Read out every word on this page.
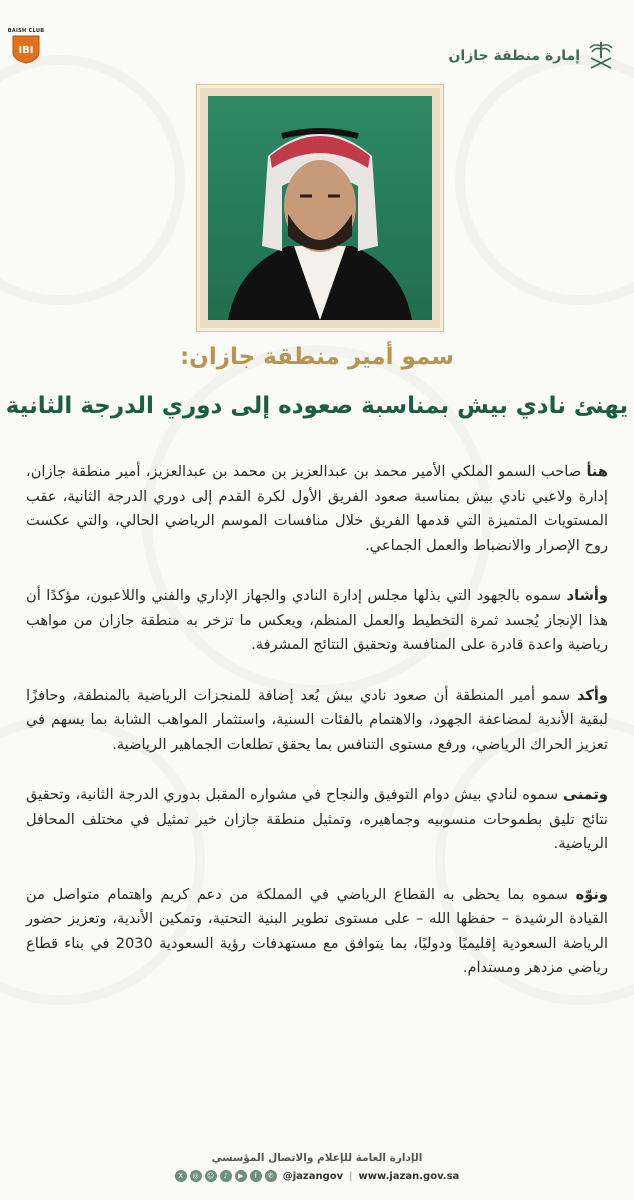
إمارة منطقة جازان
BAISH CLUB
IBI
سمو أمير منطقة جازان:
يهنئ نادي بيش بمناسبة صعوده إلى دوري الدرجة الثانية

هنأ صاحب السمو الملكي الأمير محمد بن عبدالعزيز بن محمد بن عبدالعزيز، أمير منطقة جازان، إدارة ولاعبي نادي بيش بمناسبة صعود الفريق الأول لكرة القدم إلى دوري الدرجة الثانية، عقب المستويات المتميزة التي قدمها الفريق خلال منافسات الموسم الرياضي الحالي، والتي عكست روح الإصرار والانضباط والعمل الجماعي.

وأشاد سموه بالجهود التي بذلها مجلس إدارة النادي والجهاز الإداري والفني واللاعبون، مؤكدًا أن هذا الإنجاز يُجسد ثمرة التخطيط والعمل المنظم، ويعكس ما تزخر به منطقة جازان من مواهب رياضية واعدة قادرة على المنافسة وتحقيق النتائج المشرفة.

وأكد سمو أمير المنطقة أن صعود نادي بيش يُعد إضافة للمنجزات الرياضية بالمنطقة، وحافزًا لبقية الأندية لمضاعفة الجهود، والاهتمام بالفئات السنية، واستثمار المواهب الشابة بما يسهم في تعزيز الحراك الرياضي، ورفع مستوى التنافس بما يحقق تطلعات الجماهير الرياضية.

وتمنى سموه لنادي بيش دوام التوفيق والنجاح في مشواره المقبل بدوري الدرجة الثانية، وتحقيق نتائج تليق بطموحات منسوبيه وجماهيره، وتمثيل منطقة جازان خير تمثيل في مختلف المحافل الرياضية.

ونوّه سموه بما يحظى به القطاع الرياضي في المملكة من دعم كريم واهتمام متواصل من القيادة الرشيدة – حفظها الله – على مستوى تطوير البنية التحتية، وتمكين الأندية، وتعزيز حضور الرياضة السعودية إقليميًا ودوليًا، بما يتوافق مع مستهدفات رؤية السعودية 2030 في بناء قطاع رياضي مزدهر ومستدام.

الإدارة العامة للإعلام والاتصال المؤسسي
X	◎	☺	♪	▶	f	✆ @jazangov | www.jazan.gov.sa
